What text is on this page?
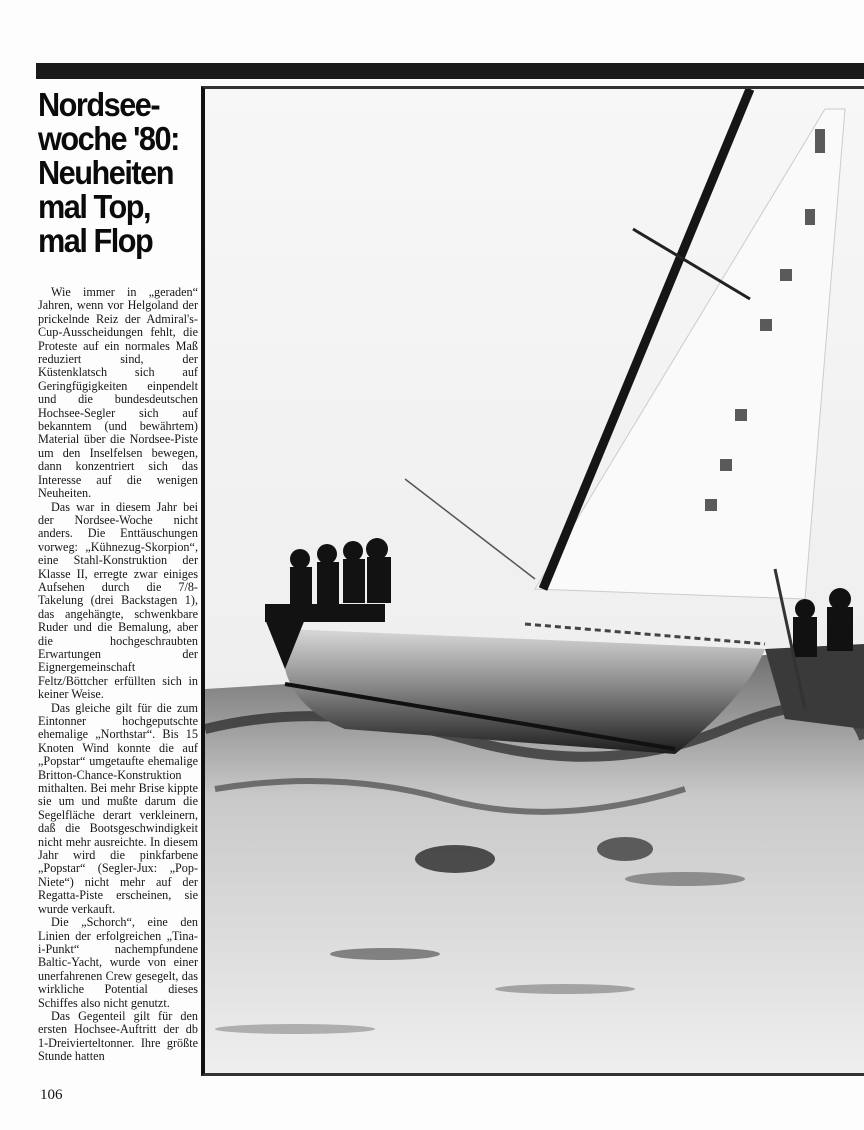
Nordsee-
woche '80:
Neuheiten
mal Top,
mal Flop

Wie immer in „geraden“ Jahren, wenn vor Helgoland der prickelnde Reiz der Admiral's-Cup-Ausscheidungen fehlt, die Proteste auf ein normales Maß reduziert sind, der Küstenklatsch sich auf Geringfügigkeiten einpendelt und die bundesdeutschen Hochsee-Segler sich auf bekanntem (und bewährtem) Material über die Nordsee-Piste um den Inselfelsen bewegen, dann konzentriert sich das Interesse auf die wenigen Neuheiten.

Das war in diesem Jahr bei der Nordsee-Woche nicht anders. Die Enttäuschungen vorweg: „Kühnezug-Skorpion“, eine Stahl-Konstruktion der Klasse II, erregte zwar einiges Aufsehen durch die 7/8-Takelung (drei Backstagen 1), das angehängte, schwenkbare Ruder und die Bemalung, aber die hochgeschraubten Erwartungen der Eignergemeinschaft Feltz/Böttcher erfüllten sich in keiner Weise.

Das gleiche gilt für die zum Eintonner hochgeputschte ehemalige „Northstar“. Bis 15 Knoten Wind konnte die auf „Popstar“ umgetaufte ehemalige Britton-Chance-Konstruktion mithalten. Bei mehr Brise kippte sie um und mußte darum die Segelfläche derart verkleinern, daß die Bootsgeschwindigkeit nicht mehr ausreichte. In diesem Jahr wird die pinkfarbene „Popstar“ (Segler-Jux: „Pop-Niete“) nicht mehr auf der Regatta-Piste erscheinen, sie wurde verkauft.

Die „Schorch“, eine den Linien der erfolgreichen „Tina-i-Punkt“ nachempfundene Baltic-Yacht, wurde von einer unerfahrenen Crew gesegelt, das wirkliche Potential dieses Schiffes also nicht genutzt.

Das Gegenteil gilt für den ersten Hochsee-Auftritt der db 1-Dreivierteltonner. Ihre größte Stunde hatten

106
